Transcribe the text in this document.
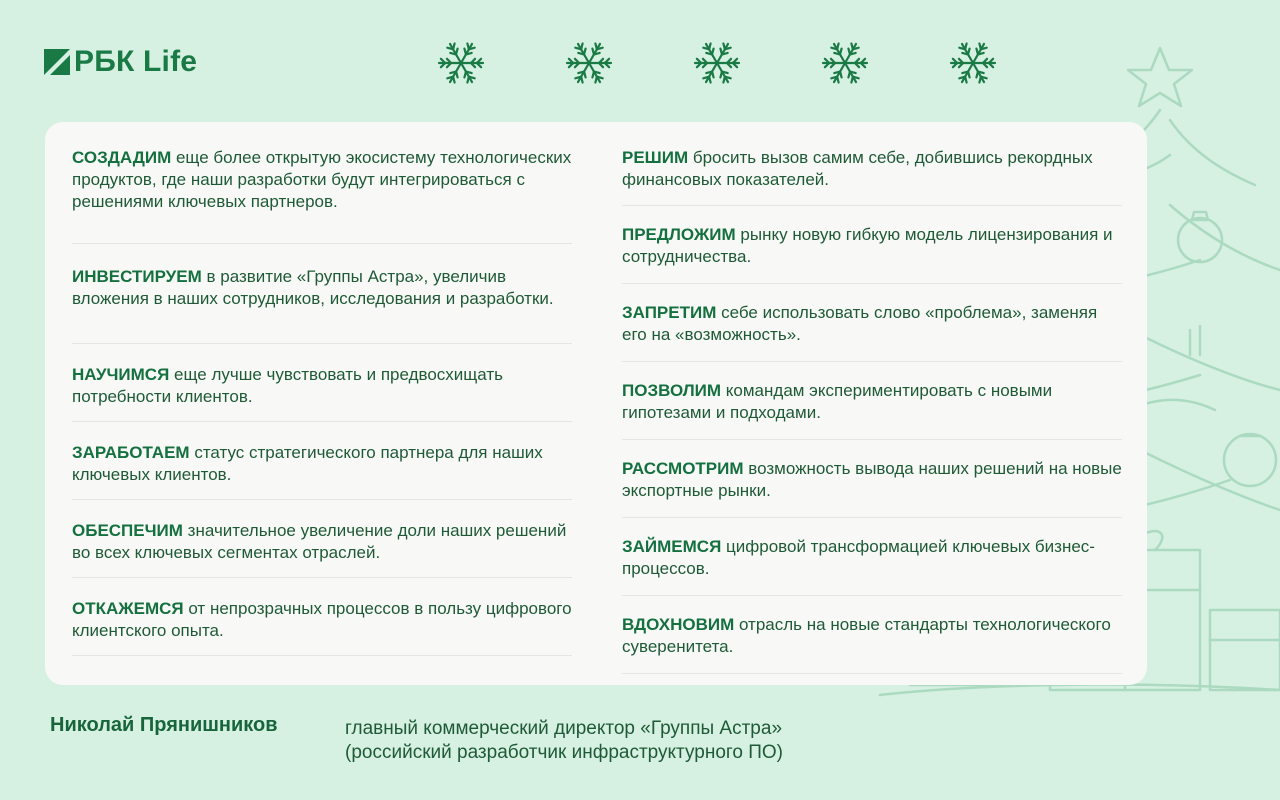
РБК Life
СОЗДАДИМ еще более открытую экосистему технологических продуктов, где наши разработки будут интегрироваться с решениями ключевых партнеров.
ИНВЕСТИРУЕМ в развитие «Группы Астра», увеличив вложения в наших сотрудников, исследования и разработки.
НАУЧИМСЯ еще лучше чувствовать и предвосхищать потребности клиентов.
ЗАРАБОТАЕМ статус стратегического партнера для наших ключевых клиентов.
ОБЕСПЕЧИМ значительное увеличение доли наших решений во всех ключевых сегментах отраслей.
ОТКАЖЕМСЯ от непрозрачных процессов в пользу цифрового клиентского опыта.
РЕШИМ бросить вызов самим себе, добившись рекордных финансовых показателей.
ПРЕДЛОЖИМ рынку новую гибкую модель лицензирования и сотрудничества.
ЗАПРЕТИМ себе использовать слово «проблема», заменяя его на «возможность».
ПОЗВОЛИМ командам экспериментировать с новыми гипотезами и подходами.
РАССМОТРИМ возможность вывода наших решений на новые экспортные рынки.
ЗАЙМЕМСЯ цифровой трансформацией ключевых бизнес-процессов.
ВДОХНОВИМ отрасль на новые стандарты технологического суверенитета.
Николай Прянишников	главный коммерческий директор «Группы Астра»
(российский разработчик инфраструктурного ПО)
